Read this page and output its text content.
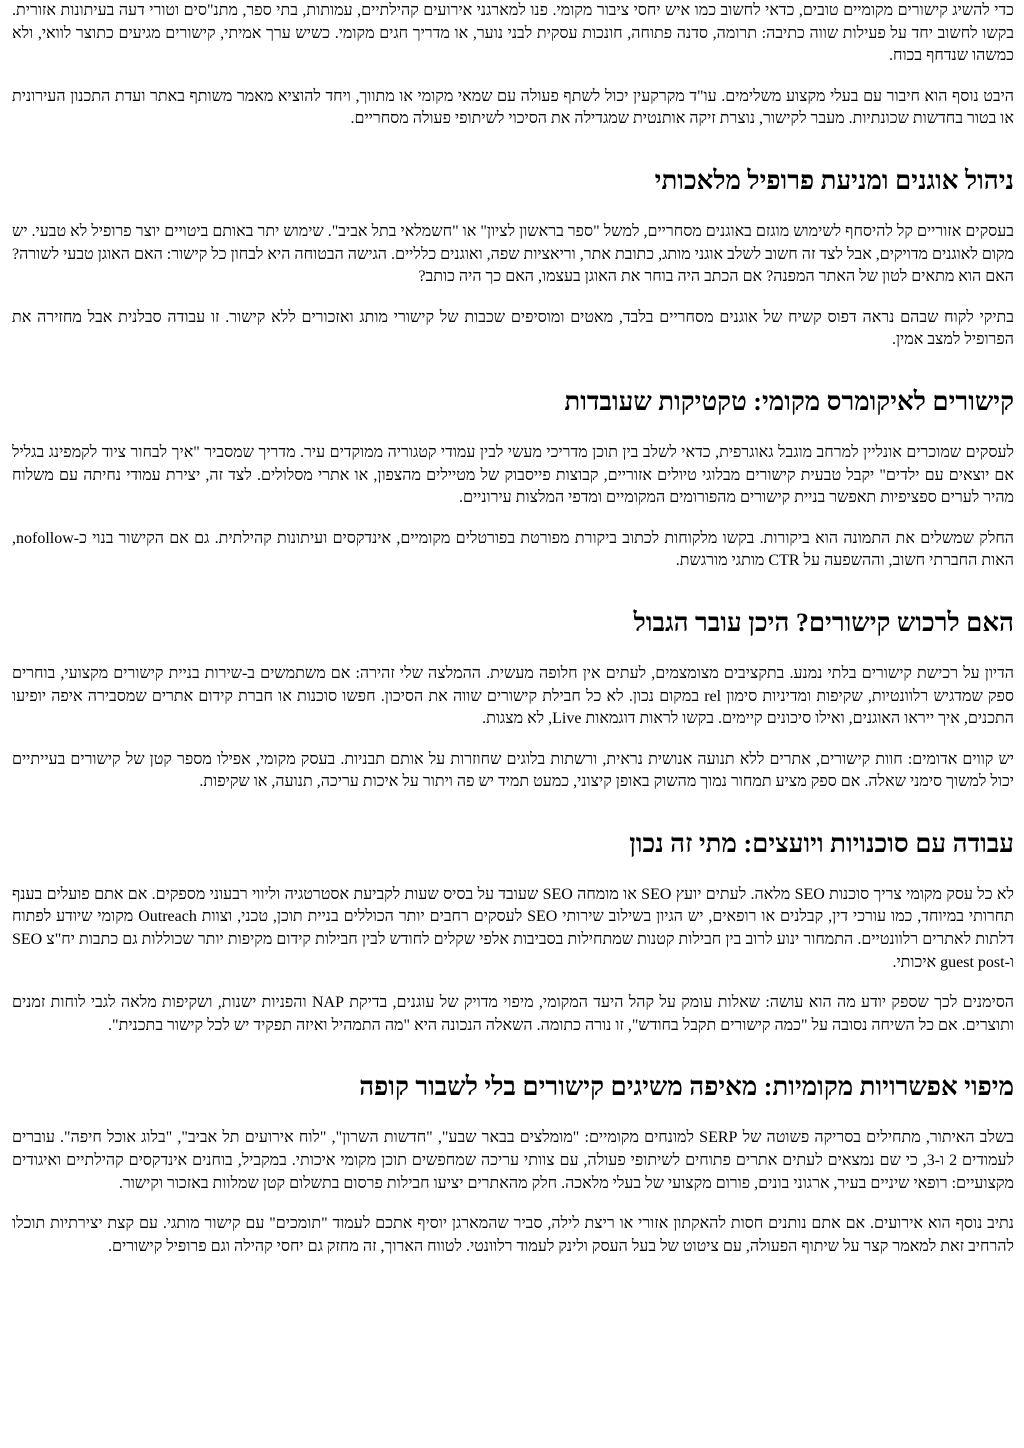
כדי להשיג קישורים מקומיים טובים, כדאי לחשוב כמו איש יחסי ציבור מקומי. פנו למארגני אירועים קהילתיים, עמותות, בתי ספר, מתנ"סים וטורי דעה בעיתונות אזורית. בקשו לחשוב יחד על פעילות שווה כתיבה: תרומה, סדנה פתוחה, חונכות עסקית לבני נוער, או מדריך חגים מקומי. כשיש ערך אמיתי, קישורים מגיעים כתוצר לוואי, ולא כמשהו שנדחף בכוח.

היבט נוסף הוא חיבור עם בעלי מקצוע משלימים. עו"ד מקרקעין יכול לשתף פעולה עם שמאי מקומי או מתווך, ויחד להוציא מאמר משותף באתר ועדת התכנון העירונית או בטור בחדשות שכונתיות. מעבר לקישור, נוצרת זיקה אותנטית שמגדילה את הסיכוי לשיתופי פעולה מסחריים.

ניהול אוגנים ומניעת פרופיל מלאכותי

בעסקים אזוריים קל להיסחף לשימוש מוגזם באוגנים מסחריים, למשל "ספר בראשון לציון" או "חשמלאי בתל אביב". שימוש יתר באותם ביטויים יוצר פרופיל לא טבעי. יש מקום לאוגנים מדויקים, אבל לצד זה חשוב לשלב אוגני מותג, כתובת אתר, וריאציות שפה, ואוגנים כלליים. הגישה הבטוחה היא לבחון כל קישור: האם האוגן טבעי לשורה? האם הוא מתאים לטון של האתר המפנה? אם הכתב היה בוחר את האוגן בעצמו, האם כך היה כותב?

בתיקי לקוח שבהם נראה דפוס קשיח של אוגנים מסחריים בלבד, מאטים ומוסיפים שכבות של קישורי מותג ואזכורים ללא קישור. זו עבודה סבלנית אבל מחזירה את הפרופיל למצב אמין.

קישורים לאיקומרס מקומי: טקטיקות שעובדות

לעסקים שמוכרים אונליין למרחב מוגבל גאוגרפית, כדאי לשלב בין תוכן מדריכי מעשי לבין עמודי קטגוריה ממוקדים עיר. מדריך שמסביר "איך לבחור ציוד לקמפינג בגליל אם יוצאים עם ילדים" יקבל טבעית קישורים מבלוגי טיולים אזוריים, קבוצות פייסבוק של מטיילים מהצפון, או אתרי מסלולים. לצד זה, יצירת עמודי נחיתה עם משלוח מהיר לערים ספציפיות תאפשר בניית קישורים מהפורומים המקומיים ומדפי המלצות עירוניים.

החלק שמשלים את התמונה הוא ביקורות. בקשו מלקוחות לכתוב ביקורת מפורטת בפורטלים מקומיים, אינדקסים ועיתונות קהילתית. גם אם הקישור בנוי כ-nofollow, האות החברתי חשוב, וההשפעה על CTR מותגי מורגשת.

האם לרכוש קישורים? היכן עובר הגבול

הדיון על רכישת קישורים בלתי נמנע. בתקציבים מצומצמים, לעתים אין חלופה מעשית. ההמלצה שלי זהירה: אם משתמשים ב-שירות בניית קישורים מקצועי, בוחרים ספק שמדגיש רלוונטיות, שקיפות ומדיניות סימון rel במקום נכון. לא כל חבילת קישורים שווה את הסיכון. חפשו סוכנות או חברת קידום אתרים שמסבירה איפה יופיעו התכנים, איך ייראו האוגנים, ואילו סיכונים קיימים. בקשו לראות דוגמאות Live, לא מצגות.

יש קווים אדומים: חוות קישורים, אתרים ללא תנועה אנושית נראית, ורשתות בלוגים שחוזרות על אותם תבניות. בעסק מקומי, אפילו מספר קטן של קישורים בעייתיים יכול למשוך סימני שאלה. אם ספק מציע תמחור נמוך מהשוק באופן קיצוני, כמעט תמיד יש פה ויתור על איכות עריכה, תנועה, או שקיפות.

עבודה עם סוכנויות ויועצים: מתי זה נכון

לא כל עסק מקומי צריך סוכנות SEO מלאה. לעתים יועץ SEO או מומחה SEO שעובד על בסיס שעות לקביעת אסטרטגיה וליווי רבעוני מספקים. אם אתם פועלים בענף תחרותי במיוחד, כמו עורכי דין, קבלנים או רופאים, יש הגיון בשילוב שירותי SEO לעסקים רחבים יותר הכוללים בניית תוכן, טכני, וצוות Outreach מקומי שיודע לפתוח דלתות לאתרים רלוונטיים. התמחור ינוע לרוב בין חבילות קטנות שמתחילות בסביבות אלפי שקלים לחודש לבין חבילות קידום מקיפות יותר שכוללות גם כתבות יח"צ SEO ו-guest post איכותי.

הסימנים לכך שספק יודע מה הוא עושה: שאלות עומק על קהל היעד המקומי, מיפוי מדויק של עוגנים, בדיקת NAP והפניות ישנות, ושקיפות מלאה לגבי לוחות זמנים ותוצרים. אם כל השיחה נסובה על "כמה קישורים תקבל בחודש", זו נורה כתומה. השאלה הנכונה היא "מה התמהיל ואיזה תפקיד יש לכל קישור בתכנית".

מיפוי אפשרויות מקומיות: מאיפה משיגים קישורים בלי לשבור קופה

בשלב האיתור, מתחילים בסריקה פשוטה של SERP למונחים מקומיים: "מומלצים בבאר שבע", "חדשות השרון", "לוח אירועים תל אביב", "בלוג אוכל חיפה". עוברים לעמודים 2 ו-3, כי שם נמצאים לעתים אתרים פתוחים לשיתופי פעולה, עם צוותי עריכה שמחפשים תוכן מקומי איכותי. במקביל, בוחנים אינדקסים קהילתיים ואיגודים מקצועיים: רופאי שיניים בעיר, ארגוני בונים, פורום מקצועי של בעלי מלאכה. חלק מהאתרים יציעו חבילות פרסום בתשלום קטן שמלוות באזכור וקישור.

נתיב נוסף הוא אירועים. אם אתם נותנים חסות להאקתון אזורי או ריצת לילה, סביר שהמארגן יוסיף אתכם לעמוד "תומכים" עם קישור מותגי. עם קצת יצירתיות תוכלו להרחיב זאת למאמר קצר על שיתוף הפעולה, עם ציטוט של בעל העסק ולינק לעמוד רלוונטי. לטווח הארוך, זה מחזק גם יחסי קהילה וגם פרופיל קישורים.
